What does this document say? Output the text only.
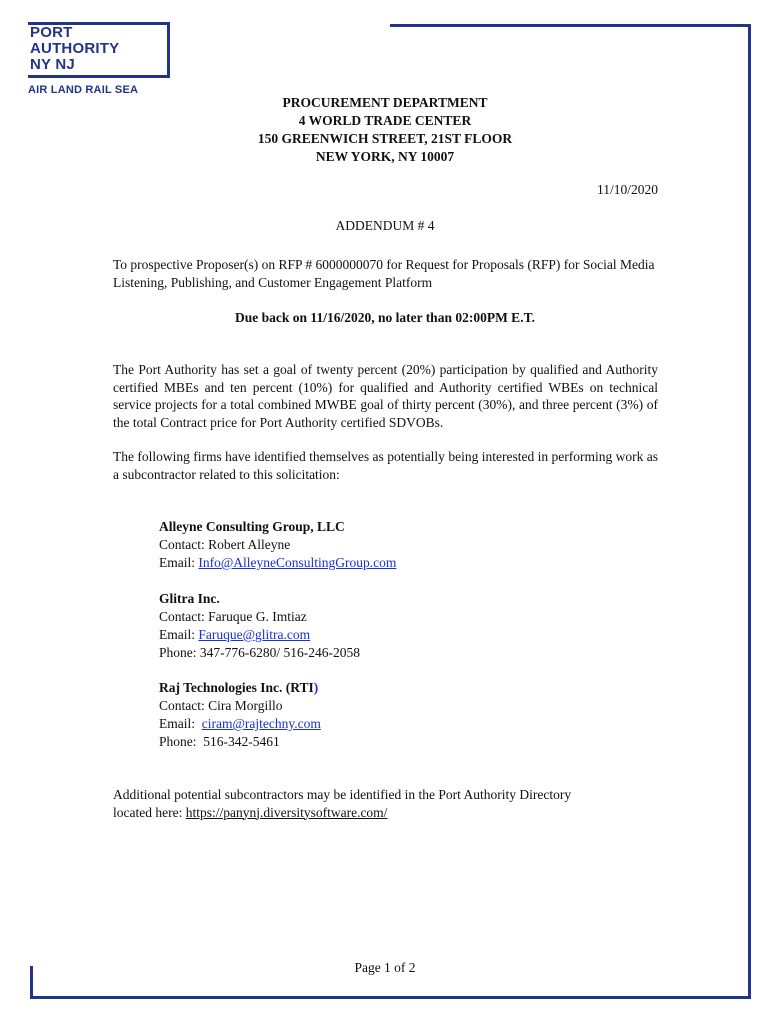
PORT
AUTHORITY
NY NJ
AIR LAND RAIL SEA
PROCUREMENT DEPARTMENT
4 WORLD TRADE CENTER
150 GREENWICH STREET, 21ST FLOOR
NEW YORK, NY 10007
11/10/2020
ADDENDUM # 4
To prospective Proposer(s) on RFP # 6000000070 for Request for Proposals (RFP) for Social Media Listening, Publishing, and Customer Engagement Platform
Due back on 11/16/2020, no later than 02:00PM E.T.
The Port Authority has set a goal of twenty percent (20%) participation by qualified and Authority certified MBEs and ten percent (10%) for qualified and Authority certified WBEs on technical service projects for a total combined MWBE goal of thirty percent (30%), and three percent (3%) of the total Contract price for Port Authority certified SDVOBs.
The following firms have identified themselves as potentially being interested in performing work as a subcontractor related to this solicitation:
Alleyne Consulting Group, LLC
Contact: Robert Alleyne
Email: Info@AlleyneConsultingGroup.com
Glitra Inc.
Contact: Faruque G. Imtiaz
Email: Faruque@glitra.com
Phone: 347-776-6280/ 516-246-2058
Raj Technologies Inc. (RTI)
Contact: Cira Morgillo
Email:  ciram@rajtechny.com
Phone:  516-342-5461
Additional potential subcontractors may be identified in the Port Authority Directory
located here: https://panynj.diversitysoftware.com/
Page 1 of 2
